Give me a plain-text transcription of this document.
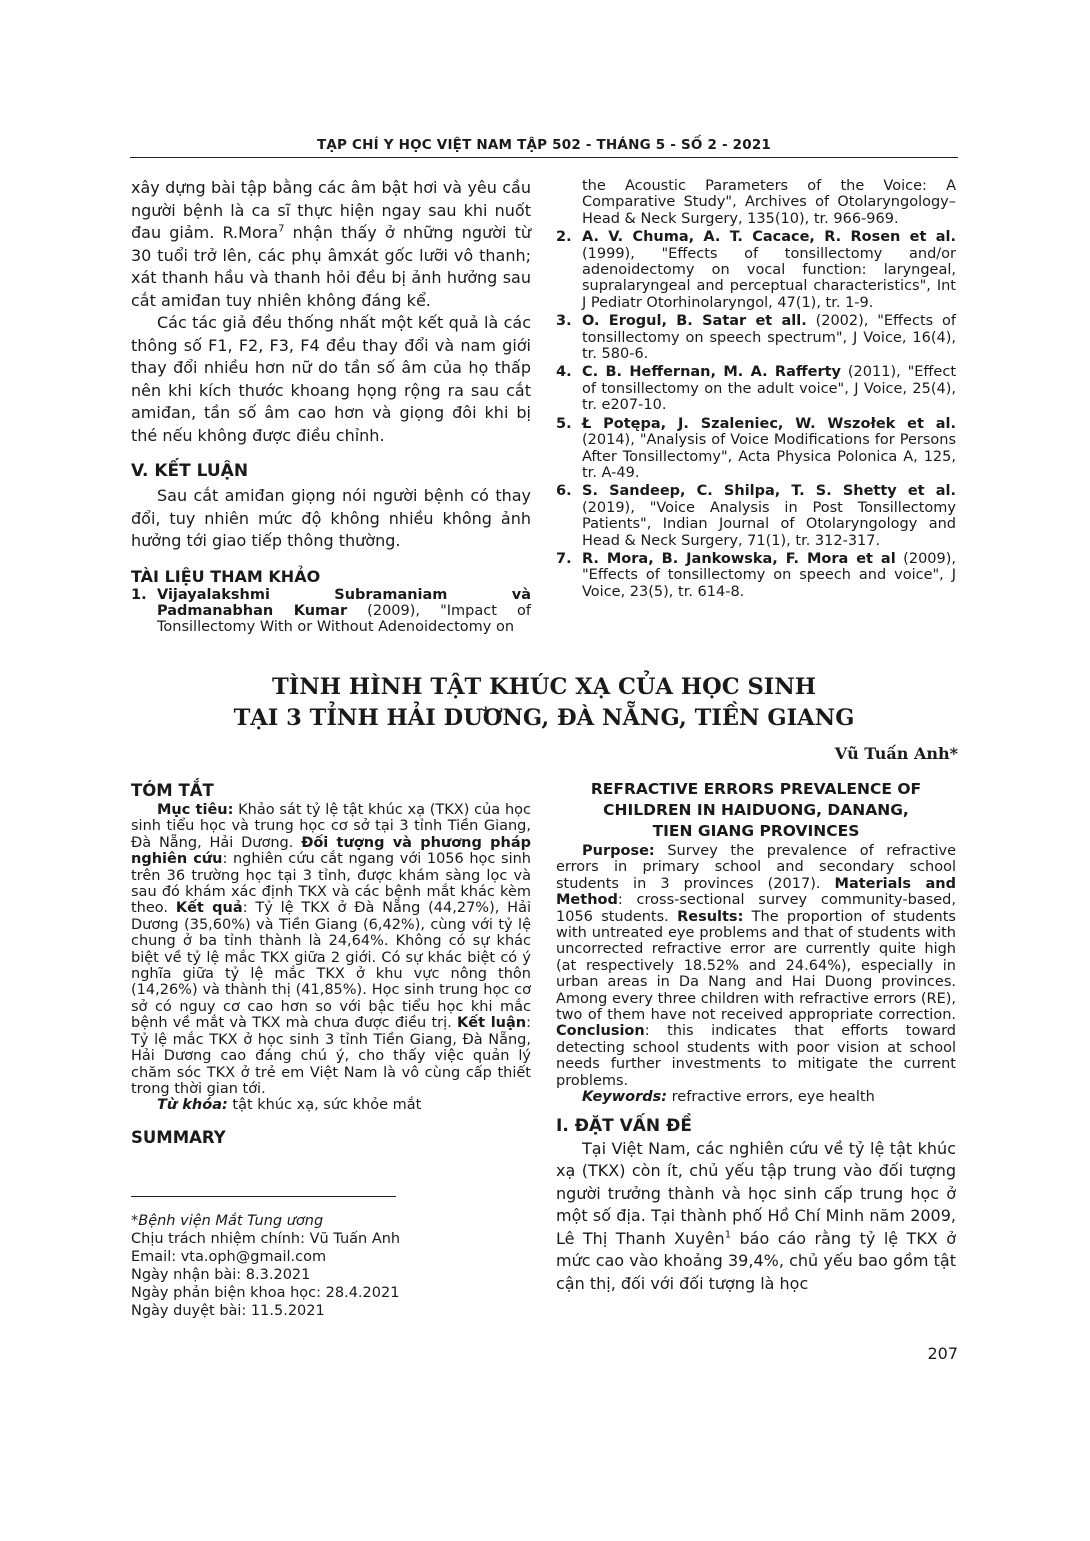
TẠP CHÍ Y HỌC VIỆT NAM TẬP 502 - THÁNG 5 - SỐ 2 - 2021

xây dựng bài tập bằng các âm bật hơi và yêu cầu người bệnh là ca sĩ thực hiện ngay sau khi nuốt đau giảm. R.Mora$^7$ nhận thấy ở những người từ 30 tuổi trở lên, các phụ âmxát gốc lưỡi vô thanh; xát thanh hầu và thanh hỏi đều bị ảnh hưởng sau cắt amiđan tuy nhiên không đáng kể.

Các tác giả đều thống nhất một kết quả là các thông số F1, F2, F3, F4 đều thay đổi và nam giới thay đổi nhiều hơn nữ do tần số âm của họ thấp nên khi kích thước khoang họng rộng ra sau cắt amiđan, tần số âm cao hơn và giọng đôi khi bị thé nếu không được điều chỉnh.

V. KẾT LUẬN

Sau cắt amiđan giọng nói người bệnh có thay đổi, tuy nhiên mức độ không nhiều không ảnh hưởng tới giao tiếp thông thường.

TÀI LIỆU THAM KHẢO
1. Vijayalakshmi Subramaniam và Padmanabhan Kumar (2009), "Impact of Tonsillectomy With or Without Adenoidectomy on

the Acoustic Parameters of the Voice: A Comparative Study", Archives of Otolaryngology–Head & Neck Surgery, 135(10), tr. 966-969.

2. A. V. Chuma, A. T. Cacace, R. Rosen et al. (1999), "Effects of tonsillectomy and/or adenoidectomy on vocal function: laryngeal, supralaryngeal and perceptual characteristics", Int J Pediatr Otorhinolaryngol, 47(1), tr. 1-9.
3. O. Erogul, B. Satar et all. (2002), "Effects of tonsillectomy on speech spectrum", J Voice, 16(4), tr. 580-6.
4. C. B. Heffernan, M. A. Rafferty (2011), "Effect of tonsillectomy on the adult voice", J Voice, 25(4), tr. e207-10.
5. Ł Potępa, J. Szaleniec, W. Wszołek et al. (2014), "Analysis of Voice Modifications for Persons After Tonsillectomy", Acta Physica Polonica A, 125, tr. A-49.
6. S. Sandeep, C. Shilpa, T. S. Shetty et al. (2019), "Voice Analysis in Post Tonsillectomy Patients", Indian Journal of Otolaryngology and Head & Neck Surgery, 71(1), tr. 312-317.
7. R. Mora, B. Jankowska, F. Mora et al (2009), "Effects of tonsillectomy on speech and voice", J Voice, 23(5), tr. 614-8.
TÌNH HÌNH TẬT KHÚC XẠ CỦA HỌC SINH
TẠI 3 TỈNH HẢI DƯƠNG, ĐÀ NẴNG, TIỀN GIANG

Vũ Tuấn Anh*

TÓM TẮT

Mục tiêu: Khảo sát tỷ lệ tật khúc xạ (TKX) của học sinh tiểu học và trung học cơ sở tại 3 tỉnh Tiền Giang, Đà Nẵng, Hải Dương. Đối tượng và phương pháp nghiên cứu: nghiên cứu cắt ngang với 1056 học sinh trên 36 trường học tại 3 tỉnh, được khám sàng lọc và sau đó khám xác định TKX và các bệnh mắt khác kèm theo. Kết quả: Tỷ lệ TKX ở Đà Nẵng (44,27%), Hải Dương (35,60%) và Tiền Giang (6,42%), cùng với tỷ lệ chung ở ba tỉnh thành là 24,64%. Không có sự khác biệt về tỷ lệ mắc TKX giữa 2 giới. Có sự khác biệt có ý nghĩa giữa tỷ lệ mắc TKX ở khu vực nông thôn (14,26%) và thành thị (41,85%). Học sinh trung học cơ sở có nguy cơ cao hơn so với bậc tiểu học khi mắc bệnh về mắt và TKX mà chưa được điều trị. Kết luận: Tỷ lệ mắc TKX ở học sinh 3 tỉnh Tiền Giang, Đà Nẵng, Hải Dương cao đáng chú ý, cho thấy việc quản lý chăm sóc TKX ở trẻ em Việt Nam là vô cùng cấp thiết trong thời gian tới.

Từ khóa: tật khúc xạ, sức khỏe mắt

SUMMARY

REFRACTIVE ERRORS PREVALENCE OF
CHILDREN IN HAIDUONG, DANANG,
TIEN GIANG PROVINCES

Purpose: Survey the prevalence of refractive errors in primary school and secondary school students in 3 provinces (2017). Materials and Method: cross-sectional survey community-based, 1056 students. Results: The proportion of students with untreated eye problems and that of students with uncorrected refractive error are currently quite high (at respectively 18.52% and 24.64%), especially in urban areas in Da Nang and Hai Duong provinces. Among every three children with refractive errors (RE), two of them have not received appropriate correction. Conclusion: this indicates that efforts toward detecting school students with poor vision at school needs further investments to mitigate the current problems.

Keywords: refractive errors, eye health

I. ĐẶT VẤN ĐỀ

Tại Việt Nam, các nghiên cứu về tỷ lệ tật khúc xạ (TKX) còn ít, chủ yếu tập trung vào đối tượng người trưởng thành và học sinh cấp trung học ở một số địa. Tại thành phố Hồ Chí Minh năm 2009, Lê Thị Thanh Xuyên$^1$ báo cáo rằng tỷ lệ TKX ở mức cao vào khoảng 39,4%, chủ yếu bao gồm tật cận thị, đối với đối tượng là học

*Bệnh viện Mắt Tung ương
Chịu trách nhiệm chính: Vũ Tuấn Anh
Email: vta.oph@gmail.com
Ngày nhận bài: 8.3.2021
Ngày phản biện khoa học: 28.4.2021
Ngày duyệt bài: 11.5.2021
207
